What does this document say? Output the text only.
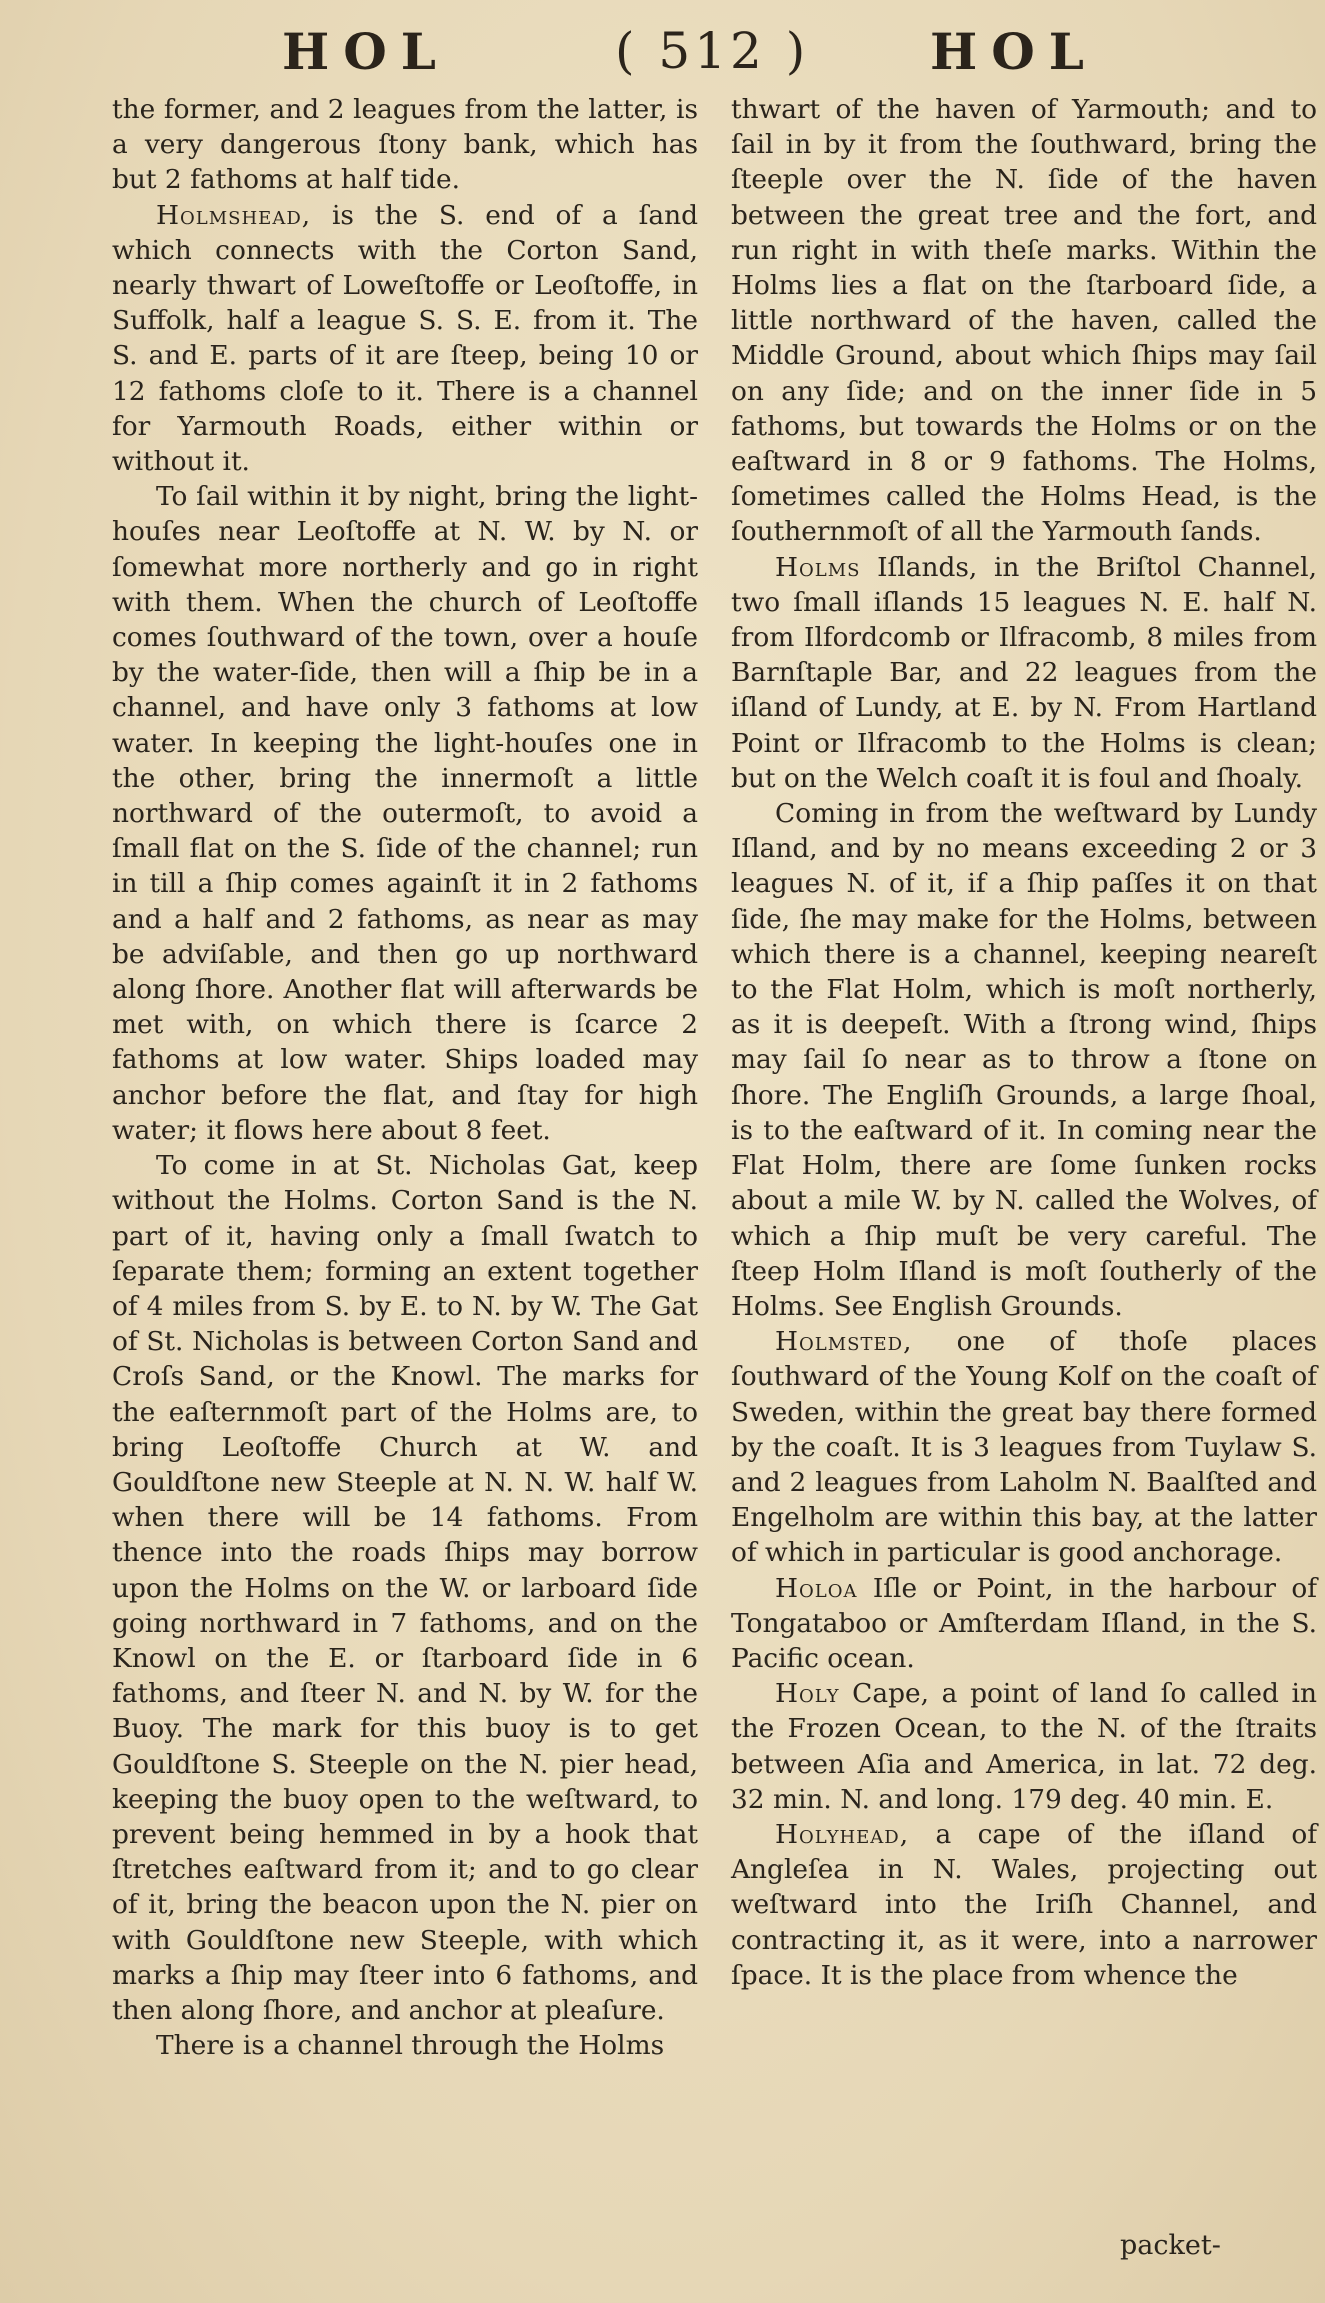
HOL	( 512 ) HOL

the former, and 2 leagues from the latter, is a very dangerous ſtony bank, which has but 2 fathoms at half tide.

Holmshead, is the S. end of a ſand which connects with the Corton Sand, nearly thwart of Loweſtoffe or Leoſtoffe, in Suffolk, half a league S. S. E. from it. The S. and E. parts of it are ſteep, being 10 or 12 fathoms cloſe to it. There is a channel for Yarmouth Roads, either within or without it.

To ſail within it by night, bring the light-houſes near Leoſtoffe at N. W. by N. or ſomewhat more northerly and go in right with them. When the church of Leoſtoffe comes ſouthward of the town, over a houſe by the water-ſide, then will a ſhip be in a channel, and have only 3 fathoms at low water. In keeping the light-houſes one in the other, bring the innermoſt a little northward of the outermoſt, to avoid a ſmall flat on the S. ſide of the channel; run in till a ſhip comes againſt it in 2 fathoms and a half and 2 fathoms, as near as may be adviſable, and then go up northward along ſhore. Another flat will afterwards be met with, on which there is ſcarce 2 fathoms at low water. Ships loaded may anchor before the flat, and ſtay for high water; it flows here about 8 feet.

To come in at St. Nicholas Gat, keep without the Holms. Corton Sand is the N. part of it, having only a ſmall ſwatch to ſeparate them; forming an extent together of 4 miles from S. by E. to N. by W. The Gat of St. Nicholas is between Corton Sand and Croſs Sand, or the Knowl. The marks for the eaſternmoſt part of the Holms are, to bring Leoſtoffe Church at W. and Gouldſtone new Steeple at N. N. W. half W. when there will be 14 fathoms. From thence into the roads ſhips may borrow upon the Holms on the W. or larboard ſide going northward in 7 fathoms, and on the Knowl on the E. or ſtarboard ſide in 6 fathoms, and ſteer N. and N. by W. for the Buoy. The mark for this buoy is to get Gouldſtone S. Steeple on the N. pier head, keeping the buoy open to the weſtward, to prevent being hemmed in by a hook that ſtretches eaſtward from it; and to go clear of it, bring the beacon upon the N. pier on with Gouldſtone new Steeple, with which marks a ſhip may ſteer into 6 fathoms, and then along ſhore, and anchor at pleaſure.

There is a channel through the Holms

thwart of the haven of Yarmouth; and to ſail in by it from the ſouthward, bring the ſteeple over the N. ſide of the haven between the great tree and the fort, and run right in with theſe marks. Within the Holms lies a flat on the ſtarboard ſide, a little northward of the haven, called the Middle Ground, about which ſhips may ſail on any ſide; and on the inner ſide in 5 fathoms, but towards the Holms or on the eaſtward in 8 or 9 fathoms. The Holms, ſometimes called the Holms Head, is the ſouthernmoſt of all the Yarmouth ſands.

Holms Iſlands, in the Briſtol Channel, two ſmall iſlands 15 leagues N. E. half N. from Ilfordcomb or Ilfracomb, 8 miles from Barnſtaple Bar, and 22 leagues from the iſland of Lundy, at E. by N. From Hartland Point or Ilfracomb to the Holms is clean; but on the Welch coaſt it is foul and ſhoaly.

Coming in from the weſtward by Lundy Iſland, and by no means exceeding 2 or 3 leagues N. of it, if a ſhip paſſes it on that ſide, ſhe may make for the Holms, between which there is a channel, keeping neareſt to the Flat Holm, which is moſt northerly, as it is deepeſt. With a ſtrong wind, ſhips may ſail ſo near as to throw a ſtone on ſhore. The Engliſh Grounds, a large ſhoal, is to the eaſtward of it. In coming near the Flat Holm, there are ſome ſunken rocks about a mile W. by N. called the Wolves, of which a ſhip muſt be very careful. The ſteep Holm Iſland is moſt ſoutherly of the Holms. See English Grounds.

Holmsted, one of thoſe places ſouthward of the Young Kolf on the coaſt of Sweden, within the great bay there formed by the coaſt. It is 3 leagues from Tuylaw S. and 2 leagues from Laholm N. Baalſted and Engelholm are within this bay, at the latter of which in particular is good anchorage.

Holoa Iſle or Point, in the harbour of Tongataboo or Amſterdam Iſland, in the S. Pacific ocean.

Holy Cape, a point of land ſo called in the Frozen Ocean, to the N. of the ſtraits between Aſia and America, in lat. 72 deg. 32 min. N. and long. 179 deg. 40 min. E.

Holyhead, a cape of the iſland of Angleſea in N. Wales, projecting out weſtward into the Iriſh Channel, and contracting it, as it were, into a narrower ſpace. It is the place from whence the

packet-
